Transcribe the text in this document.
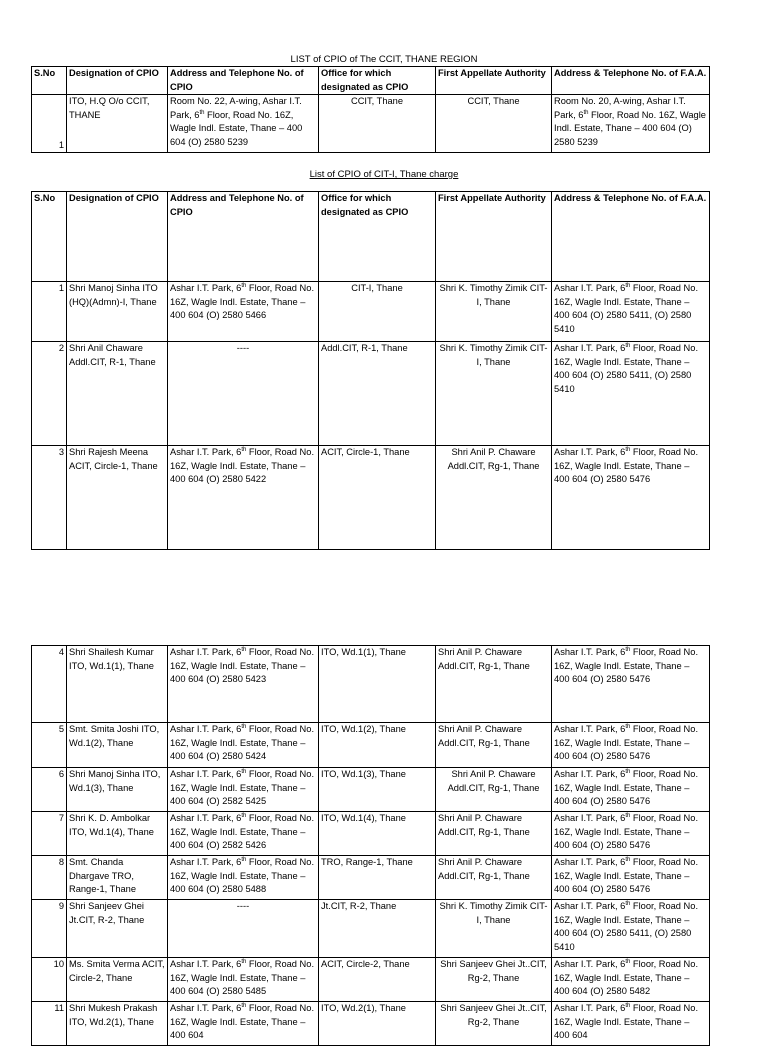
LIST of CPIO of The CCIT, THANE REGION
S.No	Designation of CPIO	Address and Telephone No. of CPIO	Office for which designated as CPIO	First Appellate Authority	Address & Telephone No. of F.A.A.
1	ITO, H.Q O/o CCIT, THANE	Room No. 22, A-wing, Ashar I.T. Park, 6th Floor, Road No. 16Z, Wagle Indl. Estate, Thane – 400 604 (O) 2580 5239	CCIT, Thane	CCIT, Thane	Room No. 20, A-wing, Ashar I.T. Park, 6th Floor, Road No. 16Z, Wagle Indl. Estate, Thane – 400 604 (O) 2580 5239
List of CPIO of CIT-I, Thane charge
S.No	Designation of CPIO	Address and Telephone No. of CPIO	Office for which designated as CPIO	First Appellate Authority	Address & Telephone No. of F.A.A.
1	Shri Manoj Sinha ITO (HQ)(Admn)-I, Thane	Ashar I.T. Park, 6th Floor, Road No. 16Z, Wagle Indl. Estate, Thane – 400 604 (O) 2580 5466	CIT-I, Thane	Shri K. Timothy Zimik CIT-I, Thane	Ashar I.T. Park, 6th Floor, Road No. 16Z, Wagle Indl. Estate, Thane – 400 604 (O) 2580 5411, (O) 2580 5410
2	Shri Anil Chaware Addl.CIT, R-1, Thane	----	Addl.CIT, R-1, Thane	Shri K. Timothy Zimik CIT-I, Thane	Ashar I.T. Park, 6th Floor, Road No. 16Z, Wagle Indl. Estate, Thane – 400 604 (O) 2580 5411, (O) 2580 5410
3	Shri Rajesh Meena ACIT, Circle-1, Thane	Ashar I.T. Park, 6th Floor, Road No. 16Z, Wagle Indl. Estate, Thane – 400 604 (O) 2580 5422	ACIT, Circle-1, Thane	Shri Anil P. Chaware Addl.CIT, Rg-1, Thane	Ashar I.T. Park, 6th Floor, Road No. 16Z, Wagle Indl. Estate, Thane – 400 604 (O) 2580 5476
4	Shri Shailesh Kumar ITO, Wd.1(1), Thane	Ashar I.T. Park, 6th Floor, Road No. 16Z, Wagle Indl. Estate, Thane – 400 604 (O) 2580 5423	ITO, Wd.1(1), Thane	Shri Anil P. Chaware Addl.CIT, Rg-1, Thane	Ashar I.T. Park, 6th Floor, Road No. 16Z, Wagle Indl. Estate, Thane – 400 604 (O) 2580 5476
5	Smt. Smita Joshi ITO, Wd.1(2), Thane	Ashar I.T. Park, 6th Floor, Road No. 16Z, Wagle Indl. Estate, Thane – 400 604 (O) 2580 5424	ITO, Wd.1(2), Thane	Shri Anil P. Chaware Addl.CIT, Rg-1, Thane	Ashar I.T. Park, 6th Floor, Road No. 16Z, Wagle Indl. Estate, Thane – 400 604 (O) 2580 5476
6	Shri Manoj Sinha ITO, Wd.1(3), Thane	Ashar I.T. Park, 6th Floor, Road No. 16Z, Wagle Indl. Estate, Thane – 400 604 (O) 2582 5425	ITO, Wd.1(3), Thane	Shri Anil P. Chaware Addl.CIT, Rg-1, Thane	Ashar I.T. Park, 6th Floor, Road No. 16Z, Wagle Indl. Estate, Thane – 400 604 (O) 2580 5476
7	Shri K. D. Ambolkar ITO, Wd.1(4), Thane	Ashar I.T. Park, 6th Floor, Road No. 16Z, Wagle Indl. Estate, Thane – 400 604 (O) 2582 5426	ITO, Wd.1(4), Thane	Shri Anil P. Chaware Addl.CIT, Rg-1, Thane	Ashar I.T. Park, 6th Floor, Road No. 16Z, Wagle Indl. Estate, Thane – 400 604 (O) 2580 5476
8	Smt. Chanda Dhargave TRO, Range-1, Thane	Ashar I.T. Park, 6th Floor, Road No. 16Z, Wagle Indl. Estate, Thane – 400 604 (O) 2580 5488	TRO, Range-1, Thane	Shri Anil P. Chaware Addl.CIT, Rg-1, Thane	Ashar I.T. Park, 6th Floor, Road No. 16Z, Wagle Indl. Estate, Thane – 400 604 (O) 2580 5476
9	Shri Sanjeev Ghei Jt.CIT, R-2, Thane	----	Jt.CIT, R-2, Thane	Shri K. Timothy Zimik CIT-I, Thane	Ashar I.T. Park, 6th Floor, Road No. 16Z, Wagle Indl. Estate, Thane – 400 604 (O) 2580 5411, (O) 2580 5410
10	Ms. Smita Verma ACIT, Circle-2, Thane	Ashar I.T. Park, 6th Floor, Road No. 16Z, Wagle Indl. Estate, Thane – 400 604 (O) 2580 5485	ACIT, Circle-2, Thane	Shri Sanjeev Ghei Jt..CIT, Rg-2, Thane	Ashar I.T. Park, 6th Floor, Road No. 16Z, Wagle Indl. Estate, Thane – 400 604 (O) 2580 5482
11	Shri Mukesh Prakash ITO, Wd.2(1), Thane	Ashar I.T. Park, 6th Floor, Road No. 16Z, Wagle Indl. Estate, Thane – 400 604	ITO, Wd.2(1), Thane	Shri Sanjeev Ghei Jt..CIT, Rg-2, Thane	Ashar I.T. Park, 6th Floor, Road No. 16Z, Wagle Indl. Estate, Thane – 400 604
